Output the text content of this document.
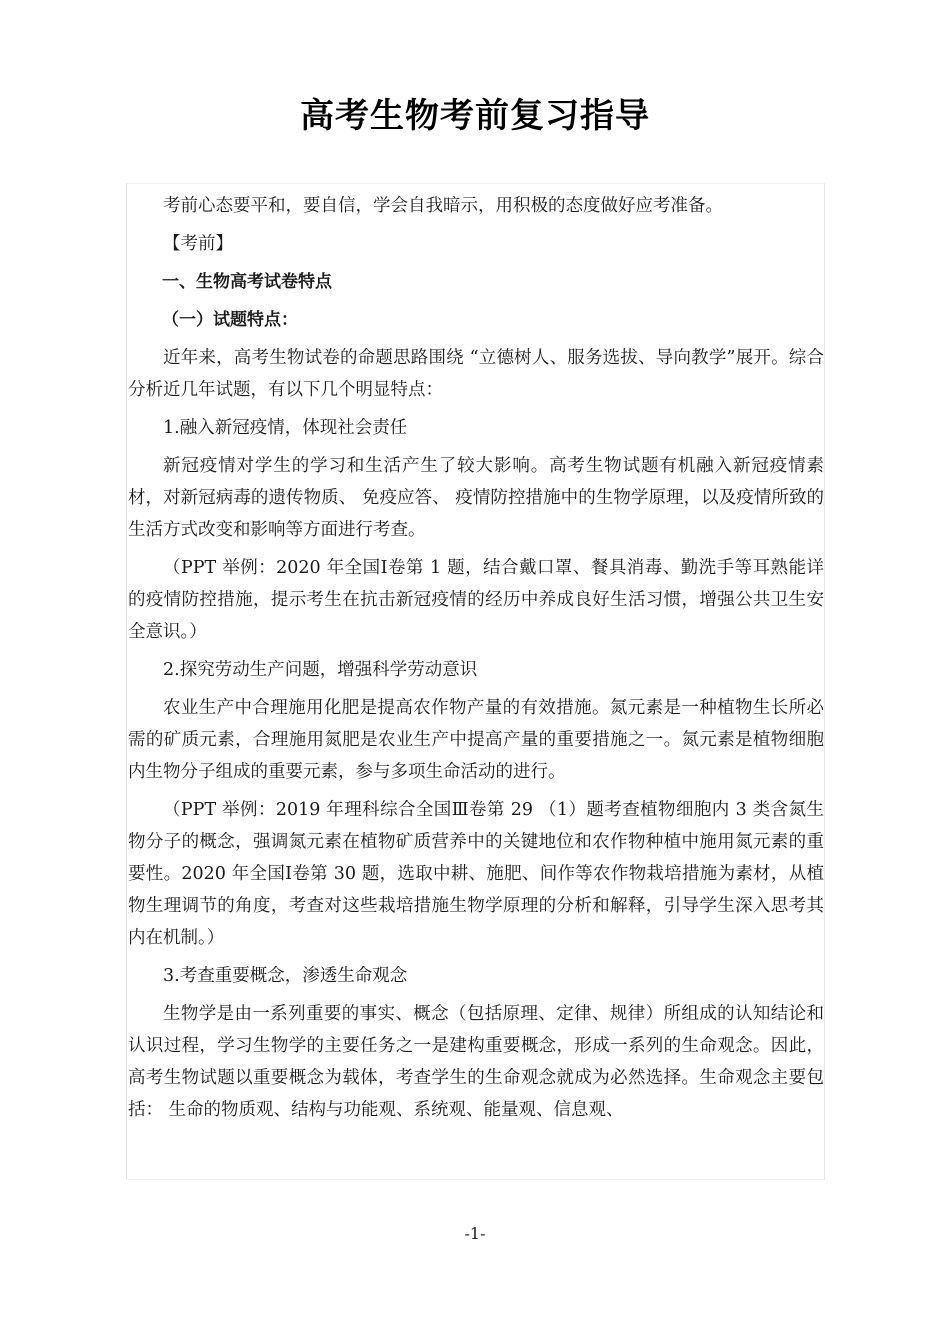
高考生物考前复习指导

考前心态要平和，要自信，学会自我暗示，用积极的态度做好应考准备。

【考前】

一、生物高考试卷特点

（一）试题特点：

近年来，高考生物试卷的命题思路围绕 “立德树人、服务选拔、导向教学”展开。综合分析近几年试题，有以下几个明显特点：

1.融入新冠疫情，体现社会责任

新冠疫情对学生的学习和生活产生了较大影响。高考生物试题有机融入新冠疫情素材，对新冠病毒的遗传物质、 免疫应答、 疫情防控措施中的生物学原理，以及疫情所致的生活方式改变和影响等方面进行考查。

（PPT 举例：2020 年全国Ⅰ卷第 1 题，结合戴口罩、餐具消毒、勤洗手等耳熟能详的疫情防控措施，提示考生在抗击新冠疫情的经历中养成良好生活习惯，增强公共卫生安全意识。）

2.探究劳动生产问题，增强科学劳动意识

农业生产中合理施用化肥是提高农作物产量的有效措施。氮元素是一种植物生长所必需的矿质元素，合理施用氮肥是农业生产中提高产量的重要措施之一。氮元素是植物细胞内生物分子组成的重要元素，参与多项生命活动的进行。

（PPT 举例：2019 年理科综合全国Ⅲ卷第 29 （1）题考查植物细胞内 3 类含氮生物分子的概念，强调氮元素在植物矿质营养中的关键地位和农作物种植中施用氮元素的重要性。2020 年全国Ⅰ卷第 30 题，选取中耕、施肥、间作等农作物栽培措施为素材，从植物生理调节的角度，考查对这些栽培措施生物学原理的分析和解释，引导学生深入思考其内在机制。）

3.考查重要概念，渗透生命观念

生物学是由一系列重要的事实、概念（包括原理、定律、规律）所组成的认知结论和认识过程，学习生物学的主要任务之一是建构重要概念，形成一系列的生命观念。因此，高考生物试题以重要概念为载体，考查学生的生命观念就成为必然选择。生命观念主要包括： 生命的物质观、结构与功能观、系统观、能量观、信息观、

-1-
